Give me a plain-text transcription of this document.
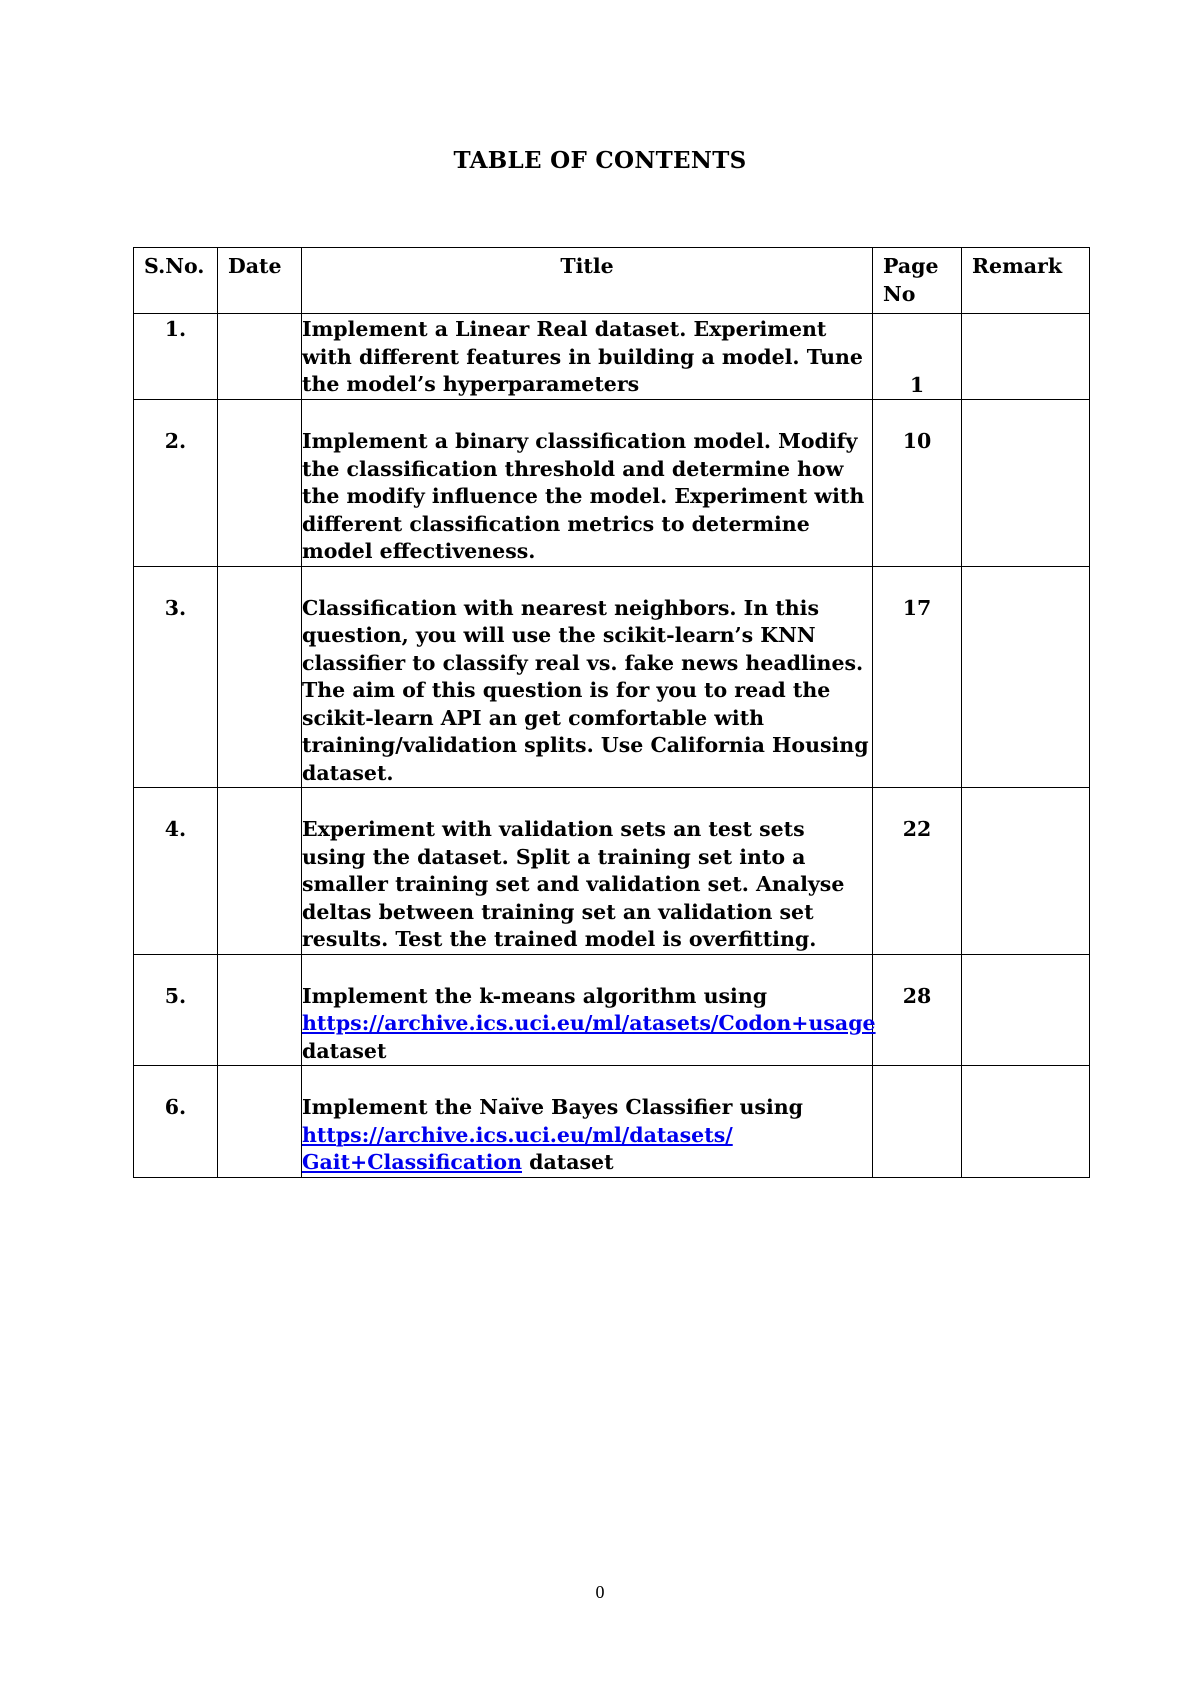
TABLE OF CONTENTS
S.No.	Date	Title	Page No	Remark
1.		Implement a Linear Real dataset. Experiment with different features in building a model. Tune the model’s hyperparameters	1	
2.		Implement a binary classification model. Modify the classification threshold and determine how the modify influence the model. Experiment with different classification metrics to determine model effectiveness.	10	
3.		Classification with nearest neighbors. In this question, you will use the scikit-learn’s KNN classifier to classify real vs. fake news headlines. The aim of this question is for you to read the scikit-learn API an get comfortable with training/validation splits. Use California Housing dataset.	17	
4.		Experiment with validation sets an test sets using the dataset. Split a training set into a smaller training set and validation set. Analyse deltas between training set an validation set results. Test the trained model is overfitting.	22	
5.		Implement the k-means algorithm using
https://archive.ics.uci.eu/ml/atasets/Codon+usage
dataset	28	
6.		Implement the Naïve Bayes Classifier using
https://archive.ics.uci.eu/ml/datasets/
Gait+Classification dataset		
0
